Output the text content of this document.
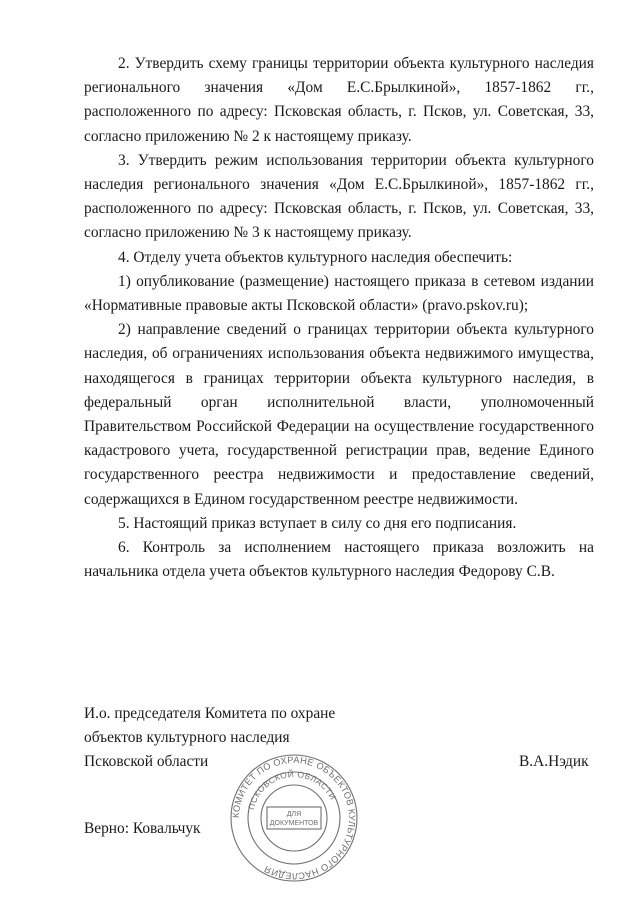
2. Утвердить схему границы территории объекта культурного наследия регионального значения «Дом Е.С.Брылкиной», 1857-1862 гг., расположенного по адресу: Псковская область, г. Псков, ул. Советская, 33, согласно приложению № 2 к настоящему приказу.

3. Утвердить режим использования территории объекта культурного наследия регионального значения «Дом Е.С.Брылкиной», 1857-1862 гг., расположенного по адресу: Псковская область, г. Псков, ул. Советская, 33, согласно приложению № 3 к настоящему приказу.

4. Отделу учета объектов культурного наследия обеспечить:

1) опубликование (размещение) настоящего приказа в сетевом издании «Нормативные правовые акты Псковской области» (pravo.pskov.ru);

2) направление сведений о границах территории объекта культурного наследия, об ограничениях использования объекта недвижимого имущества, находящегося в границах территории объекта культурного наследия, в федеральный орган исполнительной власти, уполномоченный Правительством Российской Федерации на осуществление государственного кадастрового учета, государственной регистрации прав, ведение Единого государственного реестра недвижимости и предоставление сведений, содержащихся в Едином государственном реестре недвижимости.

5. Настоящий приказ вступает в силу со дня его подписания.

6. Контроль за исполнением настоящего приказа возложить на начальника отдела учета объектов культурного наследия Федорову С.В.

И.о. председателя Комитета по охране
объектов культурного наследия
Псковской области	В.А.Нэдик
Верно: Ковальчук
КОМИТЕТ ПО ОХРАНЕ ОБЪЕКТОВ КУЛЬТУРНОГО НАСЛЕДИЯ
ПСКОВСКОЙ ОБЛАСТИ
ДЛЯ
ДОКУМЕНТОВ
